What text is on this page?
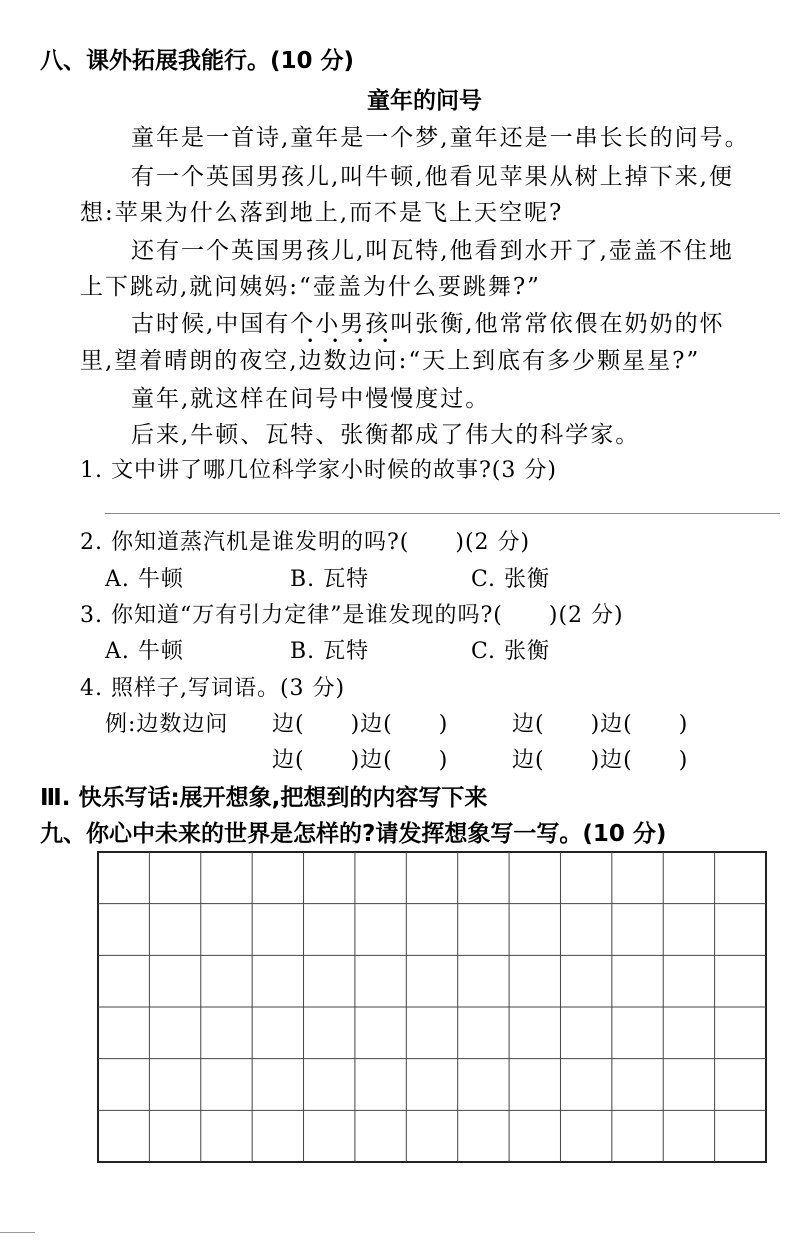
八、课外拓展我能行。(10 分)
童年的问号
童年是一首诗,童年是一个梦,童年还是一串长长的问号。
有一个英国男孩儿,叫牛顿,他看见苹果从树上掉下来,便
想:苹果为什么落到地上,而不是飞上天空呢?
还有一个英国男孩儿,叫瓦特,他看到水开了,壶盖不住地
上下跳动,就问姨妈:“壶盖为什么要跳舞?”
古时候,中国有个小男孩叫张衡,他常常依偎在奶奶的怀
里,望着晴朗的夜空,边数边问:“天上到底有多少颗星星?”
童年,就这样在问号中慢慢度过。
后来,牛顿、瓦特、张衡都成了伟大的科学家。
1. 文中讲了哪几位科学家小时候的故事?(3 分)
2. 你知道蒸汽机是谁发明的吗?(　　)(2 分)
A. 牛顿	B. 瓦特	C. 张衡
3. 你知道“万有引力定律”是谁发现的吗?(　　)(2 分)
A. 牛顿	B. 瓦特	C. 张衡
4. 照样子,写词语。(3 分)
例:边数边问 边(　　)边(　　)	边(　　)边(　　)
边(　　)边(　　)	边(　　)边(　　)
Ⅲ. 快乐写话:展开想象,把想到的内容写下来
九、你心中未来的世界是怎样的?请发挥想象写一写。(10 分)
